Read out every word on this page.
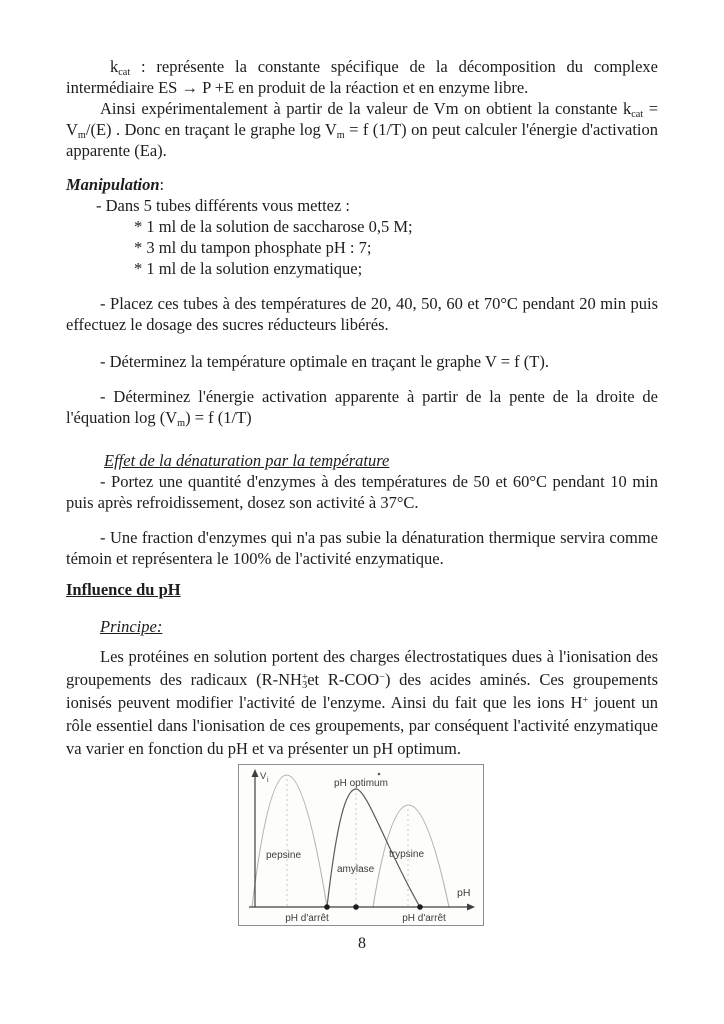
$k_{cat}$ : représente la constante spécifique de la décomposition du complexe intermédiaire ES → P +E en produit de la réaction et en enzyme libre.

Ainsi expérimentalement à partir de la valeur de Vm on obtient la constante $k_{cat} = V_m/(E)$ . Donc en traçant le graphe $\log V_m = f$ (1/T) on peut calculer l'énergie d'activation apparente (Ea).

Manipulation:

- Dans 5 tubes différents vous mettez :

* 1 ml de la solution de saccharose 0,5 M;

* 3 ml du tampon phosphate pH : 7;

* 1 ml de la solution enzymatique;

- Placez ces tubes à des températures de 20, 40, 50, 60 et 70°C pendant 20 min puis effectuez le dosage des sucres réducteurs libérés.

- Déterminez la température optimale en traçant le graphe V = f (T).

- Déterminez l'énergie activation apparente à partir de la pente de la droite de l'équation $\log (V_m) = f$ (1/T)

Effet de la dénaturation par la température

- Portez une quantité d'enzymes à des températures de 50 et 60°C pendant 10 min puis après refroidissement, dosez son activité à 37°C.

- Une fraction d'enzymes qui n'a pas subie la dénaturation thermique servira comme témoin et représentera le 100% de l'activité enzymatique.

Influence du pH

Principe:

Les protéines en solution portent des charges électrostatiques dues à l'ionisation des groupements des radicaux ($R-NH^+_3et$ R-COO−) des acides aminés. Ces groupements ionisés peuvent modifier l'activité de l'enzyme. Ainsi du fait que les ions H+ jouent un rôle essentiel dans l'ionisation de ces groupements, par conséquent l'activité enzymatique va varier en fonction du pH et va présenter un pH optimum.

V i	pH optimum
pepsine
amylase
trypsine
pH
pH d'arrêt	pH d'arrêt
8
